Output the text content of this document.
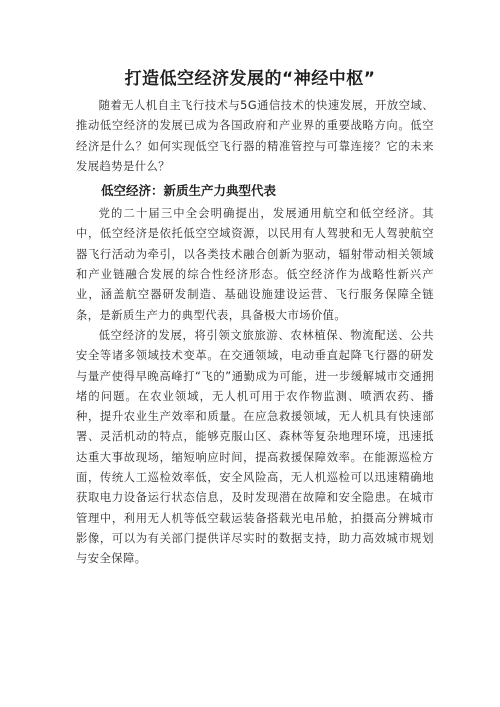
打造低空经济发展的“神经中枢”

随着无人机自主飞行技术与5G通信技术的快速发展，开放空域、推动低空经济的发展已成为各国政府和产业界的重要战略方向。低空经济是什么？如何实现低空飞行器的精准管控与可靠连接？它的未来发展趋势是什么？

低空经济：新质生产力典型代表

党的二十届三中全会明确提出，发展通用航空和低空经济。其中，低空经济是依托低空空域资源，以民用有人驾驶和无人驾驶航空器飞行活动为牵引，以各类技术融合创新为驱动，辐射带动相关领域和产业链融合发展的综合性经济形态。低空经济作为战略性新兴产业，涵盖航空器研发制造、基础设施建设运营、飞行服务保障全链条，是新质生产力的典型代表，具备极大市场价值。

低空经济的发展，将引领文旅旅游、农林植保、物流配送、公共安全等诸多领域技术变革。在交通领域，电动垂直起降飞行器的研发与量产使得早晚高峰打“飞的”通勤成为可能，进一步缓解城市交通拥堵的问题。在农业领域，无人机可用于农作物监测、喷洒农药、播种，提升农业生产效率和质量。在应急救援领域，无人机具有快速部署、灵活机动的特点，能够克服山区、森林等复杂地理环境，迅速抵达重大事故现场，缩短响应时间，提高救援保障效率。在能源巡检方面，传统人工巡检效率低，安全风险高，无人机巡检可以迅速精确地获取电力设备运行状态信息，及时发现潜在故障和安全隐患。在城市管理中，利用无人机等低空载运装备搭载光电吊舱，拍摄高分辨城市影像，可以为有关部门提供详尽实时的数据支持，助力高效城市规划与安全保障。
